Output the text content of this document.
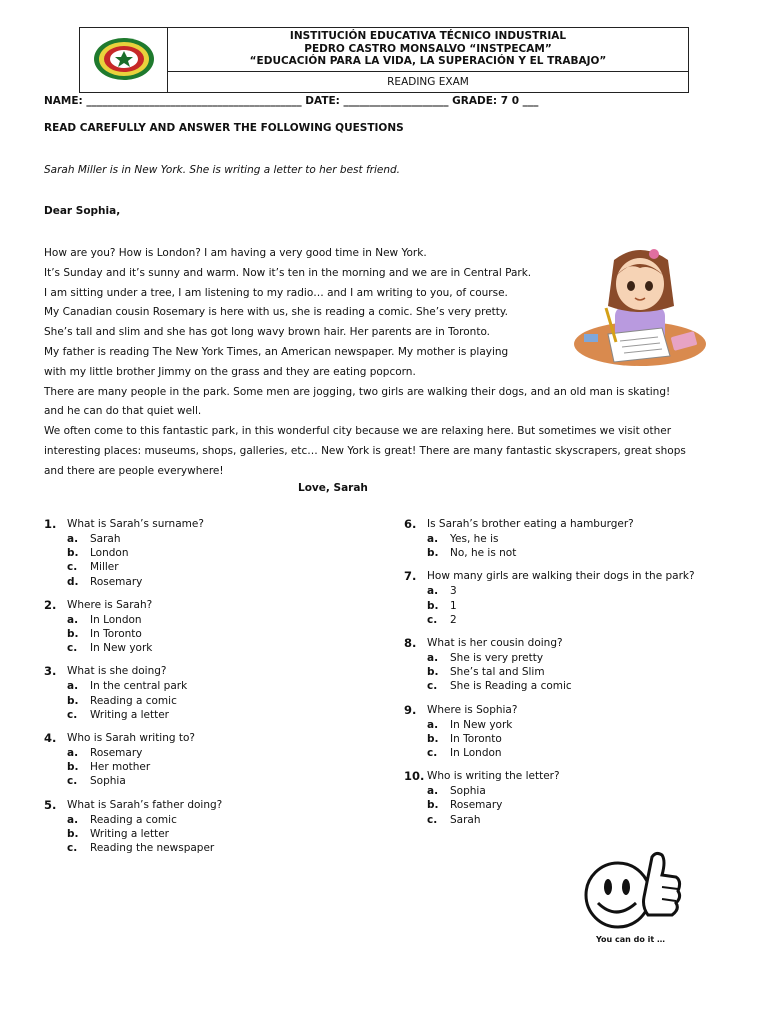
INSTITUCIÓN EDUCATIVA TÉCNICO INDUSTRIAL
PEDRO CASTRO MONSALVO “INSTPECAM”
“EDUCACIÓN PARA LA VIDA, LA SUPERACIÓN Y EL TRABAJO”
READING EXAM
NAME: _________________________________________ DATE: ____________________ GRADE: 7 0 ___
READ CAREFULLY AND ANSWER THE FOLLOWING QUESTIONS
Sarah Miller is in New York. She is writing a letter to her best friend.
Dear Sophia,
How are you? How is London? I am having a very good time in New York.
It’s Sunday and it’s sunny and warm. Now it’s ten in the morning and we are in Central Park.
I am sitting under a tree, I am listening to my radio… and I am writing to you, of course.
My Canadian cousin Rosemary is here with us, she is reading a comic. She’s very pretty.
She’s tall and slim and she has got long wavy brown hair. Her parents are in Toronto.
My father is reading The New York Times, an American newspaper. My mother is playing
with my little brother Jimmy on the grass and they are eating popcorn.
There are many people in the park. Some men are jogging, two girls are walking their dogs, and an old man is skating!
and he can do that quiet well.
We often come to this fantastic park, in this wonderful city because we are relaxing here. But sometimes we visit other
interesting places: museums, shops, galleries, etc… New York is great! There are many fantastic skyscrapers, great shops
and there are people everywhere!
Love, Sarah
1.	What is Sarah’s surname?
a.	Sarah
b.	London
c.	Miller
d.	Rosemary
2.	Where is Sarah?
a.	In London
b.	In Toronto
c.	In New york
3.	What is she doing?
a.	In the central park
b.	Reading a comic
c.	Writing a letter
4.	Who is Sarah writing to?
a.	Rosemary
b.	Her mother
c.	Sophia
5.	What is Sarah’s father doing?
a.	Reading a comic
b.	Writing a letter
c.	Reading the newspaper
6.	Is Sarah’s brother eating a hamburger?
a.	Yes, he is
b.	No, he is not
7.	How many girls are walking their dogs in the park?
a.	3
b.	1
c.	2
8.	What is her cousin doing?
a.	She is very pretty
b.	She’s tal and Slim
c.	She is Reading a comic
9.	Where is Sophia?
a.	In New york
b.	In Toronto
c.	In London
10. Who is writing the letter?
a.	Sophia
b.	Rosemary
c.	Sarah
You can do it …
